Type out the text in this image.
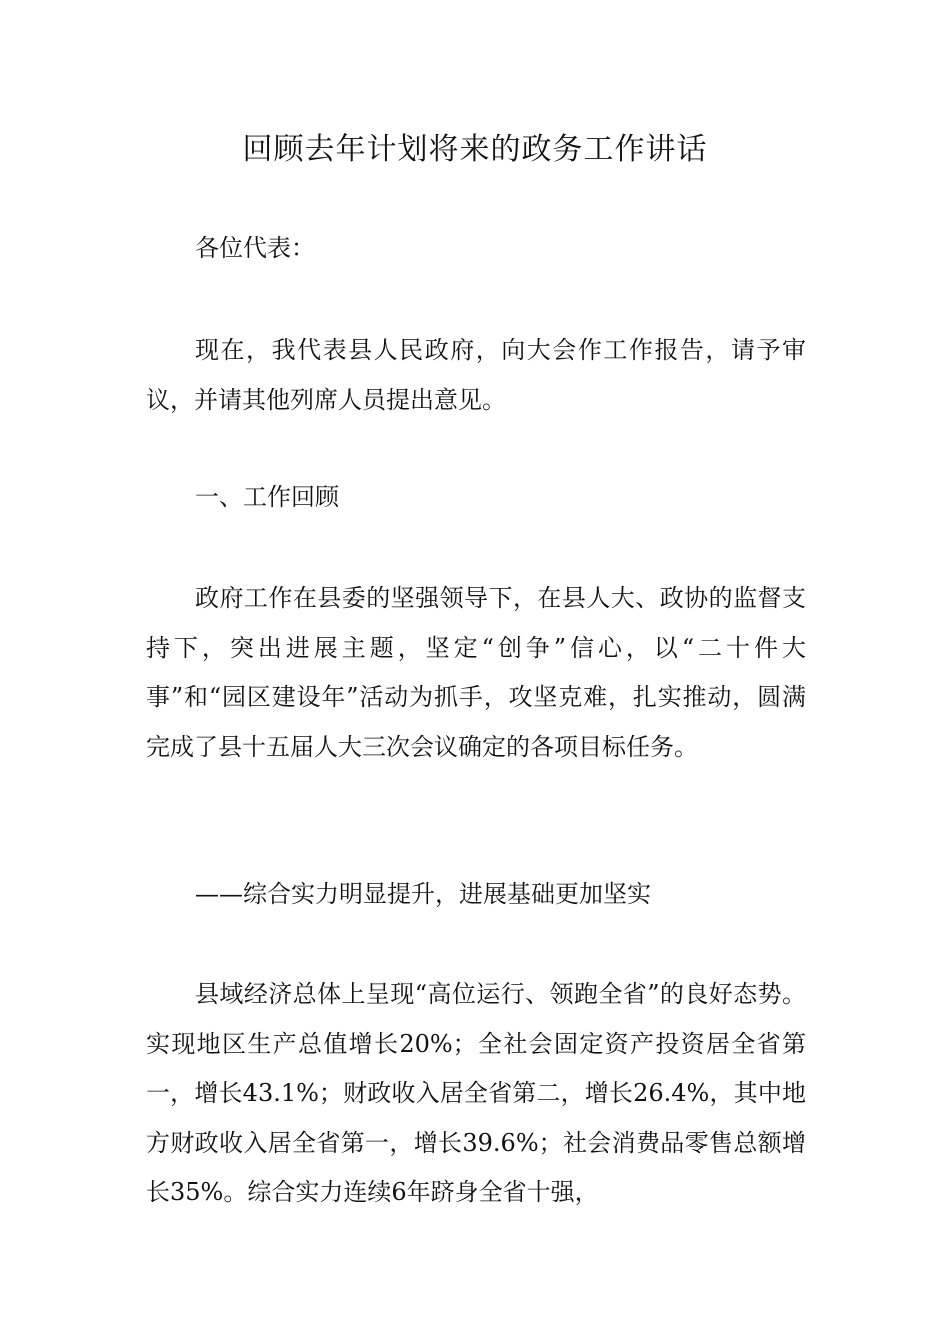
回顾去年计划将来的政务工作讲话

各位代表：

现在，我代表县人民政府，向大会作工作报告，请予审议，并请其他列席人员提出意见。

一、工作回顾

政府工作在县委的坚强领导下，在县人大、政协的监督支持下，突出进展主题，坚定“创争”信心，以“二十件大事”和“园区建设年”活动为抓手，攻坚克难，扎实推动，圆满完成了县十五届人大三次会议确定的各项目标任务。

——综合实力明显提升，进展基础更加坚实

县域经济总体上呈现“高位运行、领跑全省”的良好态势。实现地区生产总值增长20%；全社会固定资产投资居全省第一，增长43.1%；财政收入居全省第二，增长26.4%，其中地方财政收入居全省第一，增长39.6%；社会消费品零售总额增长35%。综合实力连续6年跻身全省十强，
